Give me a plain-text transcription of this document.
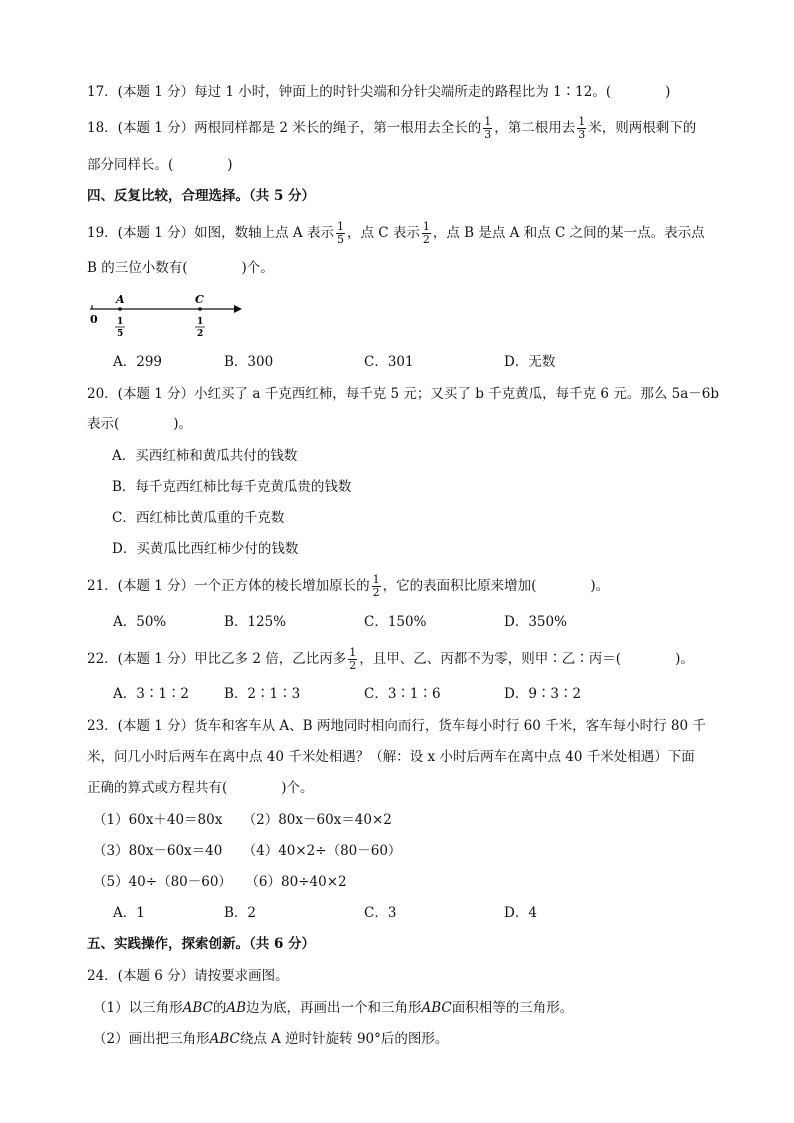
17．(本题 1 分）每过 1 小时，钟面上的时针尖端和分针尖端所走的路程比为 1∶12。(　　　　)
18．(本题 1 分）两根同样都是 2 米长的绳子，第一根用去全长的 $\frac{1}{3}$ ，第二根用去 $\frac{1}{3}$ 米，则两根剩下的
部分同样长。(　　　　)
四、反复比较，合理选择。（共 5 分）
19．(本题 1 分）如图，数轴上点 A 表示 $\frac{1}{5}$ ，点 C 表示 $\frac{1}{2}$ ，点 B 是点 A 和点 C 之间的某一点。表示点
B 的三位小数有(　　　　)个。
0
A
1
5
C
1
2
A．299	B．300	C．301	D．无数
20．(本题 1 分）小红买了 a 千克西红柿，每千克 5 元；又买了 b 千克黄瓜，每千克 6 元。那么 5a－6b
表示(　　　　)。
A．买西红柿和黄瓜共付的钱数
B．每千克西红柿比每千克黄瓜贵的钱数
C．西红柿比黄瓜重的千克数
D．买黄瓜比西红柿少付的钱数
21．(本题 1 分）一个正方体的棱长增加原长的 $\frac{1}{2}$ ，它的表面积比原来增加(　　　　)。
A．50%	B．125%	C．150%	D．350%
22．(本题 1 分）甲比乙多 2 倍，乙比丙多 $\frac{1}{2}$ ，且甲、乙、丙都不为零，则甲∶乙∶丙＝(　　　　)。
A．3∶1∶2	B．2∶1∶3	C．3∶1∶6	D．9∶3∶2
23．(本题 1 分）货车和客车从 A、B 两地同时相向而行，货车每小时行 60 千米，客车每小时行 80 千
米，问几小时后两车在离中点 40 千米处相遇？（解：设 x 小时后两车在离中点 40 千米处相遇）下面
正确的算式或方程共有(　　　　)个。
（1）60x＋40＝80x　　（2）80x－60x＝40×2
（3）80x－60x＝40　　（4）40×2÷（80－60）
（5）40÷（80－60）　　（6）80÷40×2
A．1	B．2	C．3	D．4
五、实践操作，探索创新。（共 6 分）
24．(本题 6 分）请按要求画图。
（1）以三角形ABC的AB边为底，再画出一个和三角形ABC面积相等的三角形。
（2）画出把三角形ABC绕点 A 逆时针旋转 90°后的图形。
